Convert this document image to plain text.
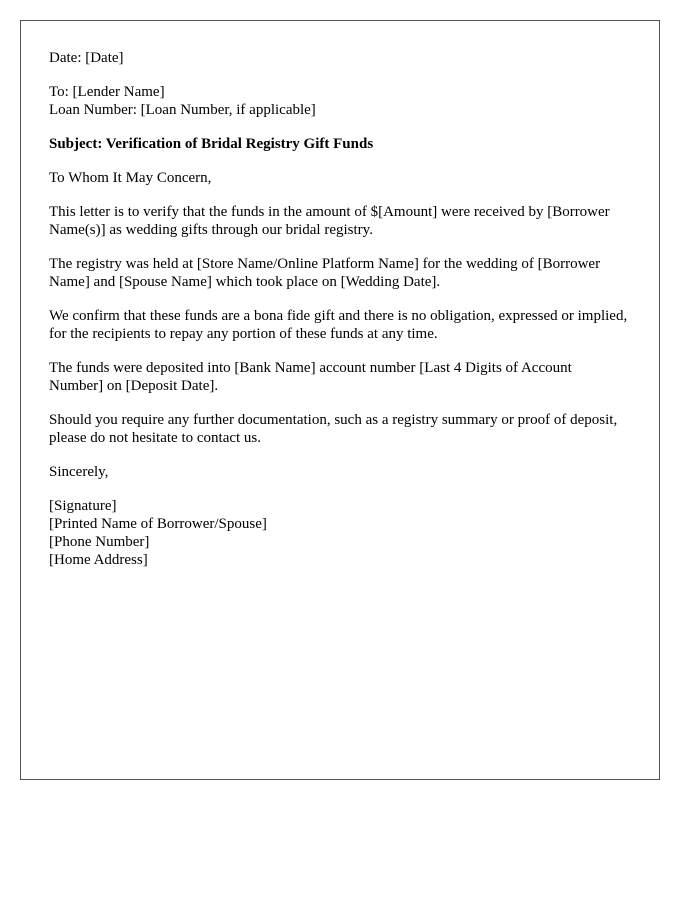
Date: [Date]
To: [Lender Name]
Loan Number: [Loan Number, if applicable]
Subject: Verification of Bridal Registry Gift Funds
To Whom It May Concern,
This letter is to verify that the funds in the amount of $[Amount] were received by [Borrower Name(s)] as wedding gifts through our bridal registry.
The registry was held at [Store Name/Online Platform Name] for the wedding of [Borrower Name] and [Spouse Name] which took place on [Wedding Date].
We confirm that these funds are a bona fide gift and there is no obligation, expressed or implied, for the recipients to repay any portion of these funds at any time.
The funds were deposited into [Bank Name] account number [Last 4 Digits of Account Number] on [Deposit Date].
Should you require any further documentation, such as a registry summary or proof of deposit, please do not hesitate to contact us.
Sincerely,
[Signature]
[Printed Name of Borrower/Spouse]
[Phone Number]
[Home Address]
